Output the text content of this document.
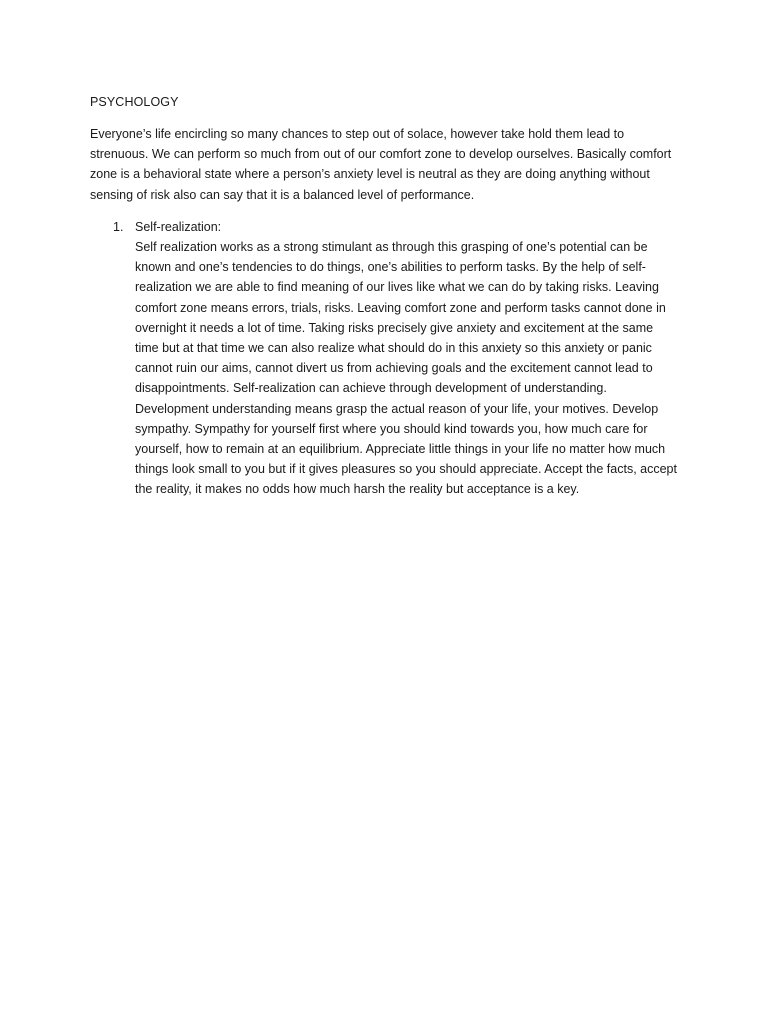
PSYCHOLOGY

Everyone’s life encircling so many chances to step out of solace, however take hold them lead to strenuous. We can perform so much from out of our comfort zone to develop ourselves. Basically comfort zone is a behavioral state where a person’s anxiety level is neutral as they are doing anything without sensing of risk also can say that it is a balanced level of performance.

1. Self-realization:
Self realization works as a strong stimulant as through this grasping of one’s potential can be known and one’s tendencies to do things, one’s abilities to perform tasks. By the help of self-realization we are able to find meaning of our lives like what we can do by taking risks. Leaving comfort zone means errors, trials, risks. Leaving comfort zone and perform tasks cannot done in overnight it needs a lot of time. Taking risks precisely give anxiety and excitement at the same time but at that time we can also realize what should do in this anxiety so this anxiety or panic cannot ruin our aims, cannot divert us from achieving goals and the excitement cannot lead to disappointments. Self-realization can achieve through development of understanding. Development understanding means grasp the actual reason of your life, your motives. Develop sympathy. Sympathy for yourself first where you should kind towards you, how much care for yourself, how to remain at an equilibrium. Appreciate little things in your life no matter how much things look small to you but if it gives pleasures so you should appreciate. Accept the facts, accept the reality, it makes no odds how much harsh the reality but acceptance is a key.
